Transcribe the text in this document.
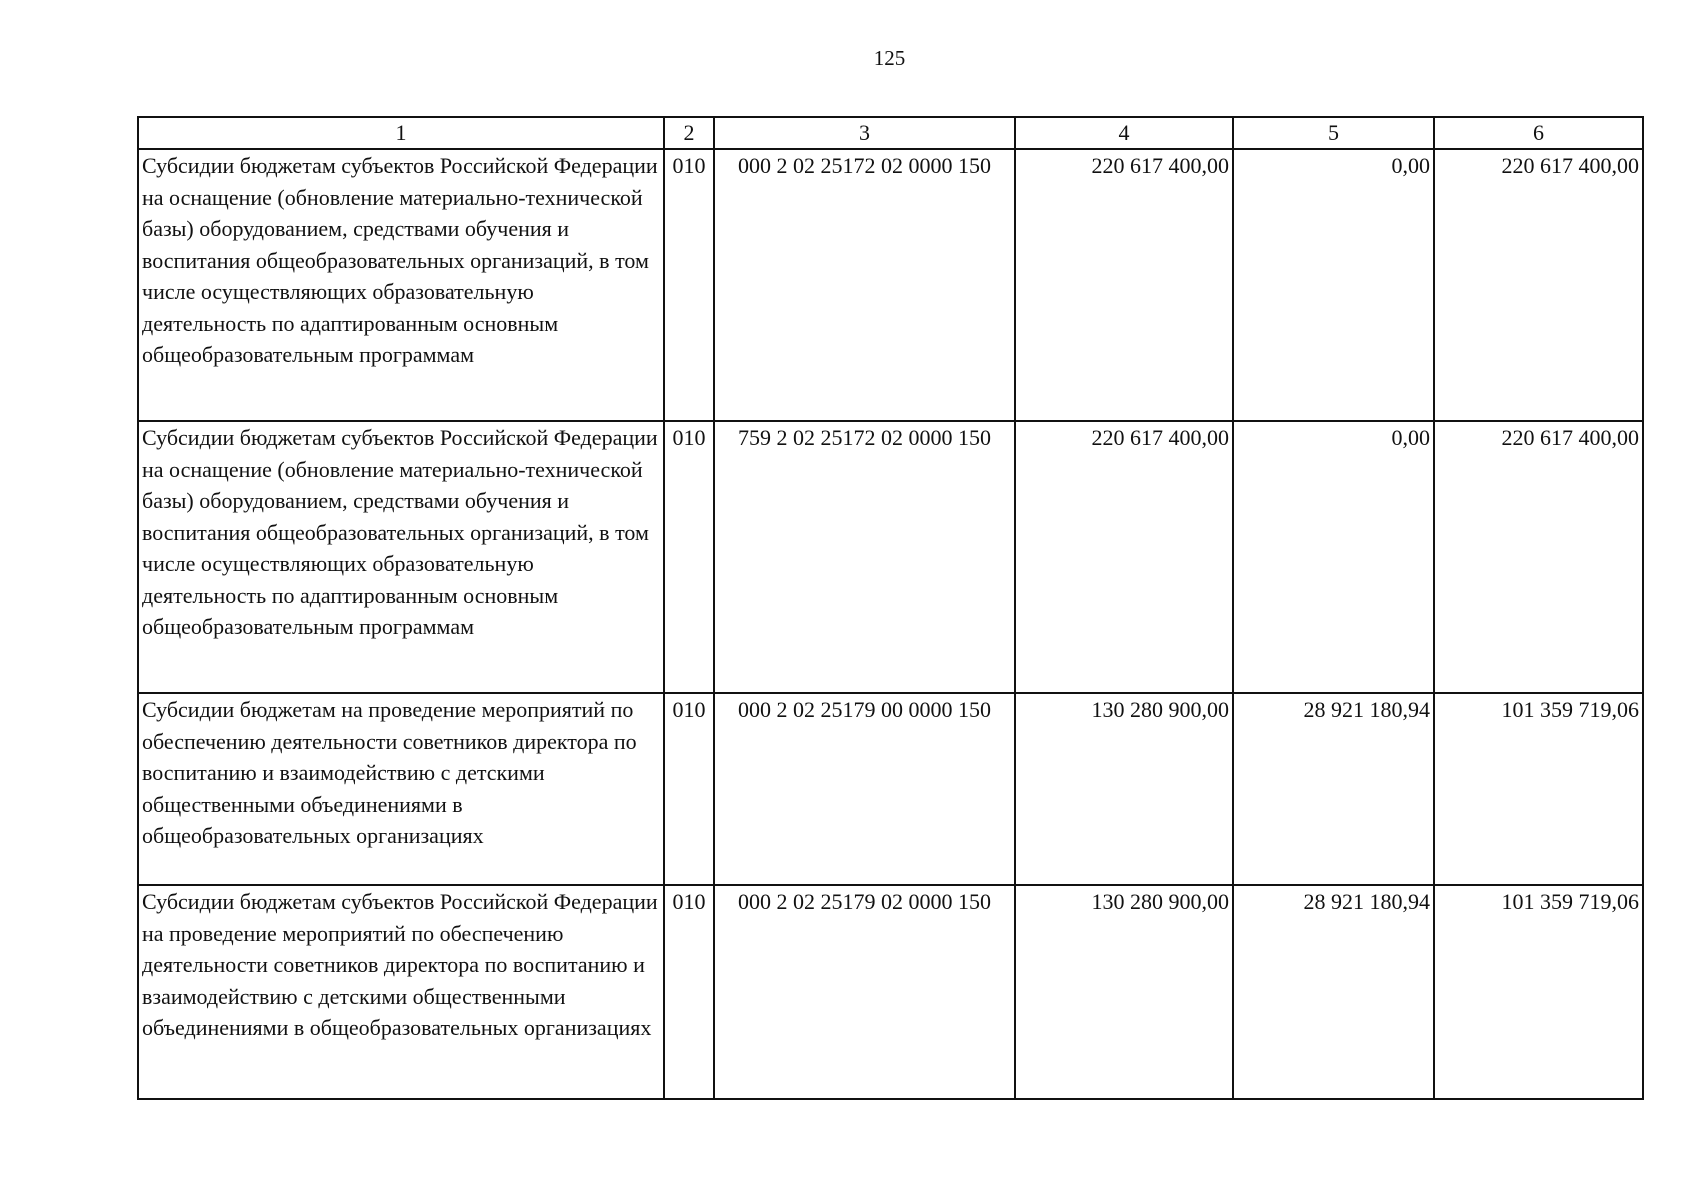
125
1	2	3	4	5	6
Субсидии бюджетам субъектов Российской Федерации на оснащение (обновление материально-технической базы) оборудованием, средствами обучения и воспитания общеобразовательных организаций, в том числе осуществляющих образовательную деятельность по адаптированным основным общеобразовательным программам	010	000 2 02 25172 02 0000 150	220 617 400,00	0,00	220 617 400,00
Субсидии бюджетам субъектов Российской Федерации на оснащение (обновление материально-технической базы) оборудованием, средствами обучения и воспитания общеобразовательных организаций, в том числе осуществляющих образовательную деятельность по адаптированным основным общеобразовательным программам	010	759 2 02 25172 02 0000 150	220 617 400,00	0,00	220 617 400,00
Субсидии бюджетам на проведение мероприятий по обеспечению деятельности советников директора по воспитанию и взаимодействию с детскими общественными объединениями в общеобразовательных организациях	010	000 2 02 25179 00 0000 150	130 280 900,00	28 921 180,94	101 359 719,06
Субсидии бюджетам субъектов Российской Федерации на проведение мероприятий по обеспечению деятельности советников директора по воспитанию и взаимодействию с детскими общественными объединениями в общеобразовательных организациях	010	000 2 02 25179 02 0000 150	130 280 900,00	28 921 180,94	101 359 719,06
